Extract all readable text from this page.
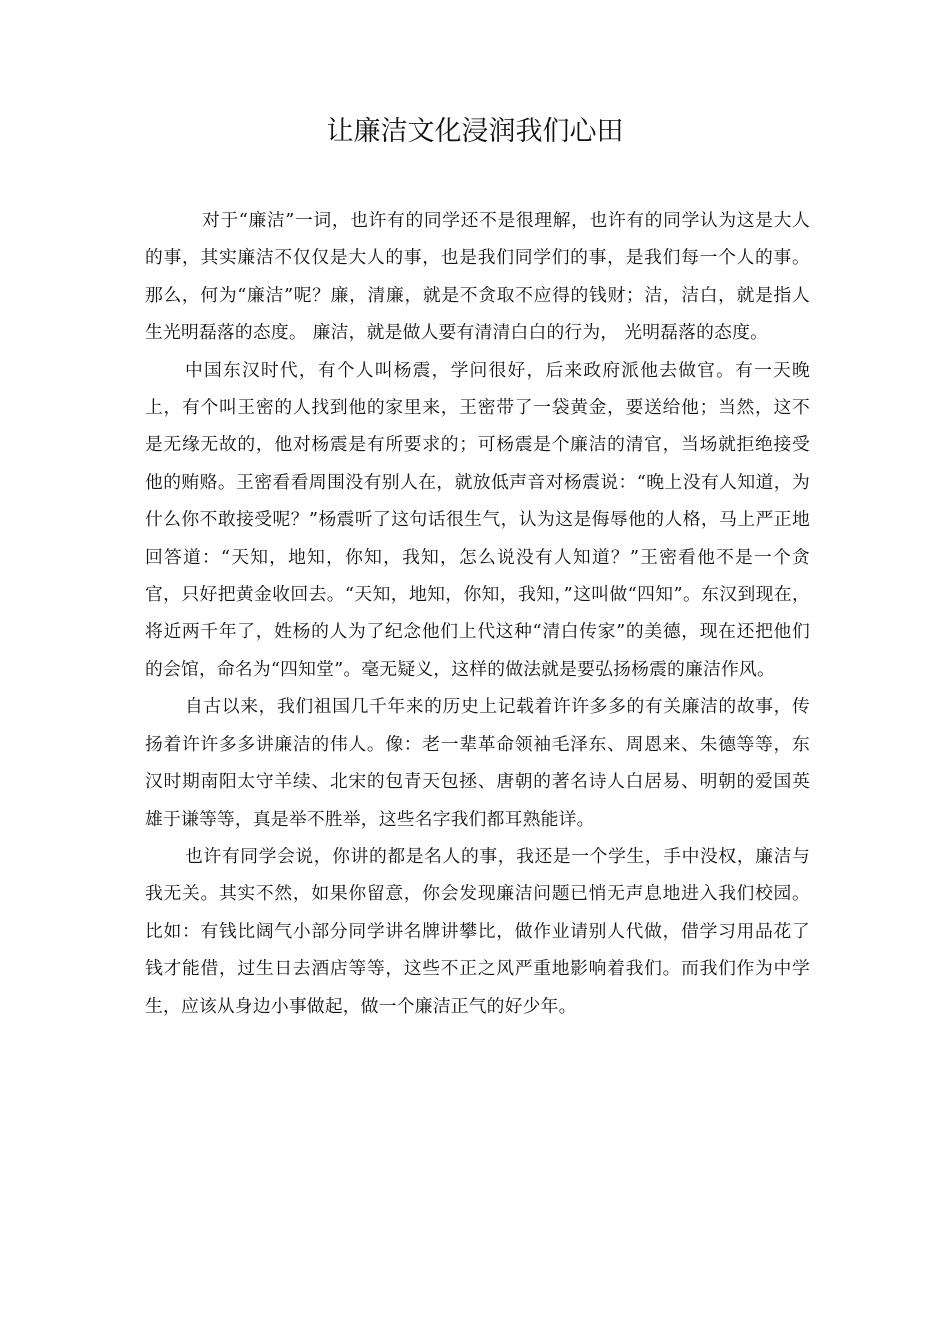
让廉洁文化浸润我们心田

对于“廉洁”一词，也许有的同学还不是很理解，也许有的同学认为这是大人的事，其实廉洁不仅仅是大人的事，也是我们同学们的事，是我们每一个人的事。那么，何为“廉洁”呢？廉，清廉，就是不贪取不应得的钱财；洁，洁白，就是指人生光明磊落的态度。 廉洁，就是做人要有清清白白的行为， 光明磊落的态度。

中国东汉时代，有个人叫杨震，学问很好，后来政府派他去做官。有一天晚上，有个叫王密的人找到他的家里来，王密带了一袋黄金，要送给他；当然，这不是无缘无故的，他对杨震是有所要求的；可杨震是个廉洁的清官，当场就拒绝接受他的贿赂。王密看看周围没有别人在，就放低声音对杨震说：“晚上没有人知道，为什么你不敢接受呢？”杨震听了这句话很生气，认为这是侮辱他的人格，马上严正地回答道：“天知，地知，你知，我知，怎么说没有人知道？”王密看他不是一个贪官，只好把黄金收回去。“天知，地知，你知，我知，”这叫做“四知”。东汉到现在，将近两千年了，姓杨的人为了纪念他们上代这种“清白传家”的美德，现在还把他们的会馆，命名为“四知堂”。毫无疑义，这样的做法就是要弘扬杨震的廉洁作风。

自古以来，我们祖国几千年来的历史上记载着许许多多的有关廉洁的故事，传扬着许许多多讲廉洁的伟人。像：老一辈革命领袖毛泽东、周恩来、朱德等等，东汉时期南阳太守羊续、北宋的包青天包拯、唐朝的著名诗人白居易、明朝的爱国英雄于谦等等，真是举不胜举，这些名字我们都耳熟能详。

也许有同学会说，你讲的都是名人的事，我还是一个学生，手中没权，廉洁与我无关。其实不然，如果你留意，你会发现廉洁问题已悄无声息地进入我们校园。比如：有钱比阔气小部分同学讲名牌讲攀比，做作业请别人代做，借学习用品花了钱才能借，过生日去酒店等等，这些不正之风严重地影响着我们。而我们作为中学生，应该从身边小事做起，做一个廉洁正气的好少年。
